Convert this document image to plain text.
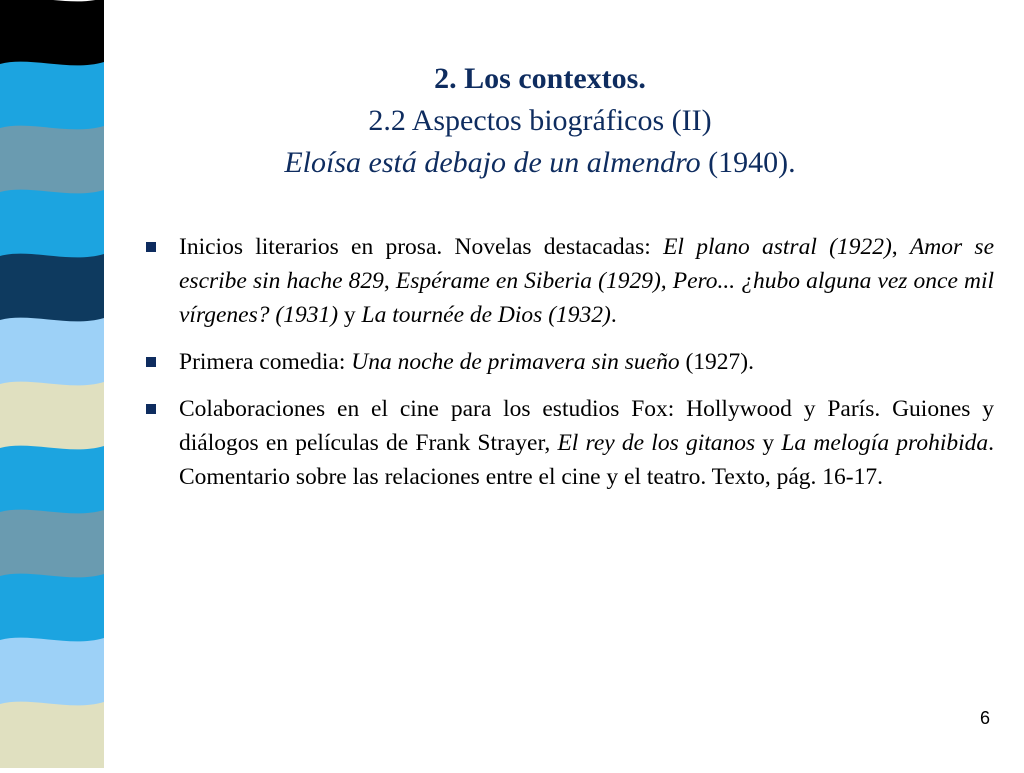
2. Los contextos.
2.2 Aspectos biográficos (II)
Eloísa está debajo de un almendro (1940).
Inicios literarios en prosa. Novelas destacadas: El plano astral (1922), Amor se escribe sin hache 829, Espérame en Siberia (1929), Pero... ¿hubo alguna vez once mil vírgenes? (1931) y La tournée de Dios (1932).
Primera comedia: Una noche de primavera sin sueño (1927).
Colaboraciones en el cine para los estudios Fox: Hollywood y París. Guiones y diálogos en películas de Frank Strayer, El rey de los gitanos y La melogía prohibida. Comentario sobre las relaciones entre el cine y el teatro. Texto, pág. 16-17.
6
